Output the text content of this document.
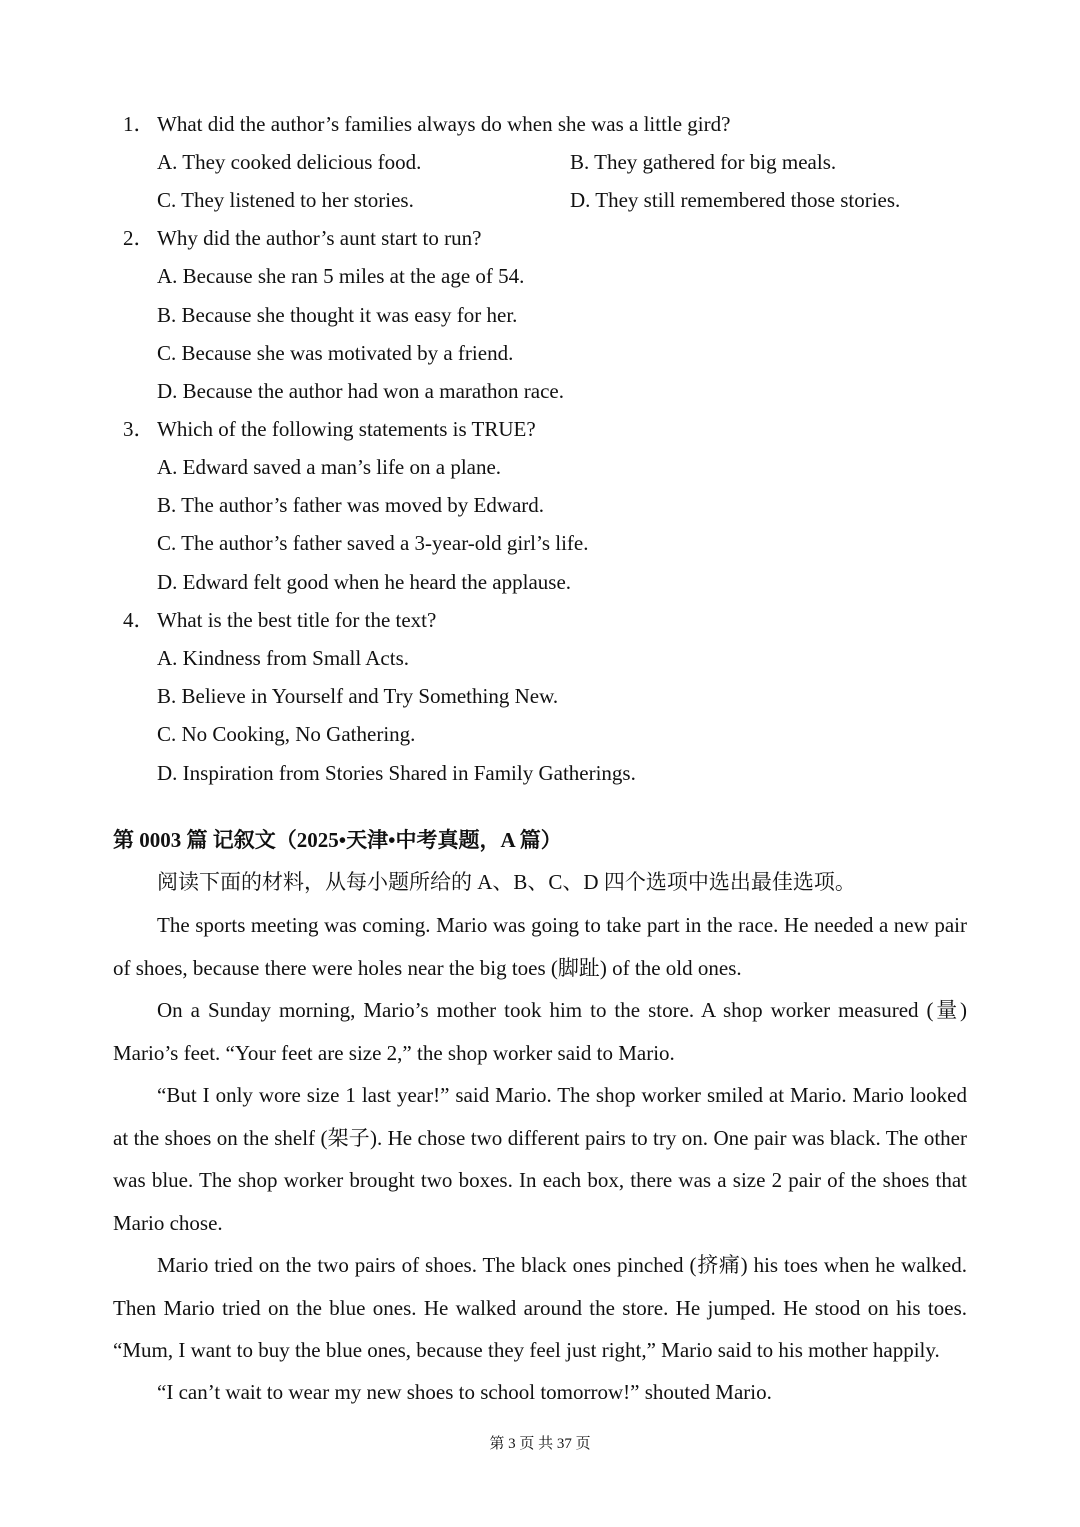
1． What did the author’s families always do when she was a little gird?
A. They cooked delicious food.	B. They gathered for big meals.
C. They listened to her stories.	D. They still remembered those stories.
2． Why did the author’s aunt start to run?
A. Because she ran 5 miles at the age of 54.
B. Because she thought it was easy for her.
C. Because she was motivated by a friend.
D. Because the author had won a marathon race.
3． Which of the following statements is TRUE?
A. Edward saved a man’s life on a plane.
B. The author’s father was moved by Edward.
C. The author’s father saved a 3-year-old girl’s life.
D. Edward felt good when he heard the applause.
4． What is the best title for the text?
A. Kindness from Small Acts.
B. Believe in Yourself and Try Something New.
C. No Cooking, No Gathering.
D. Inspiration from Stories Shared in Family Gatherings.
第 0003 篇 记叙文（2025•天津•中考真题，A 篇）
阅读下面的材料，从每小题所给的 A、B、C、D 四个选项中选出最佳选项。
The sports meeting was coming. Mario was going to take part in the race. He needed a new pair of shoes, because there were holes near the big toes (脚趾) of the old ones.
On a Sunday morning, Mario’s mother took him to the store. A shop worker measured (量) Mario’s feet. “Your feet are size 2,” the shop worker said to Mario.
“But I only wore size 1 last year!” said Mario. The shop worker smiled at Mario. Mario looked at the shoes on the shelf (架子). He chose two different pairs to try on. One pair was black. The other was blue. The shop worker brought two boxes. In each box, there was a size 2 pair of the shoes that Mario chose.
Mario tried on the two pairs of shoes. The black ones pinched (挤痛) his toes when he walked. Then Mario tried on the blue ones. He walked around the store. He jumped. He stood on his toes. “Mum, I want to buy the blue ones, because they feel just right,” Mario said to his mother happily.
“I can’t wait to wear my new shoes to school tomorrow!” shouted Mario.
第 3 页 共 37 页
